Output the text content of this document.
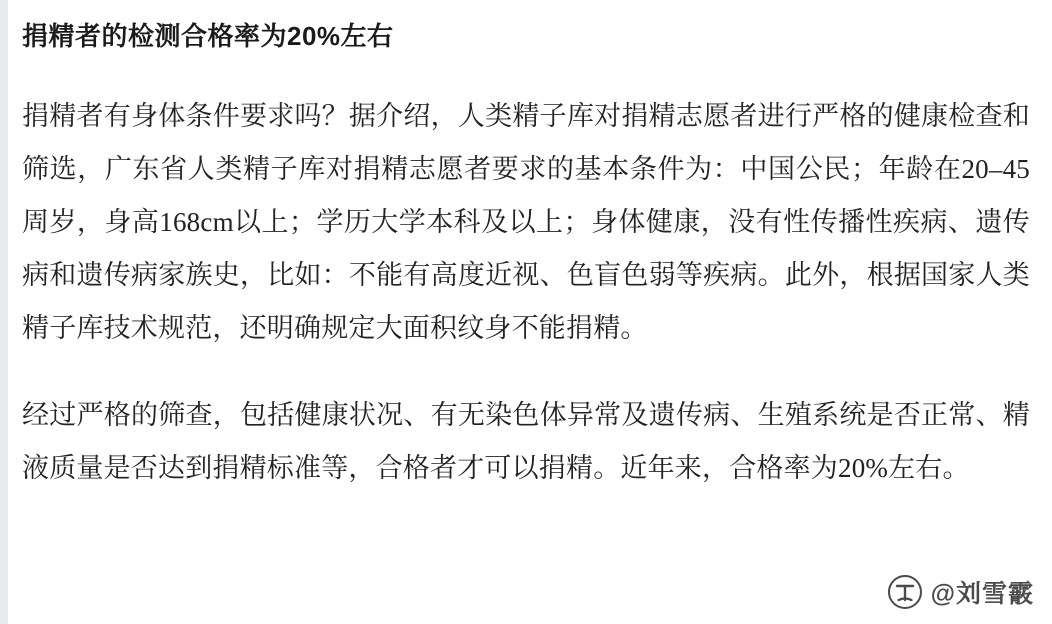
捐精者的检测合格率为20%左右

捐精者有身体条件要求吗？据介绍，人类精子库对捐精志愿者进行严格的健康检查和筛选，广东省人类精子库对捐精志愿者要求的基本条件为：中国公民；年龄在20–45周岁，身高168cm以上；学历大学本科及以上；身体健康，没有性传播性疾病、遗传病和遗传病家族史，比如：不能有高度近视、色盲色弱等疾病。此外，根据国家人类精子库技术规范，还明确规定大面积纹身不能捐精。

经过严格的筛查，包括健康状况、有无染色体异常及遗传病、生殖系统是否正常、精液质量是否达到捐精标准等，合格者才可以捐精。近年来，合格率为20%左右。

@刘雪霰
